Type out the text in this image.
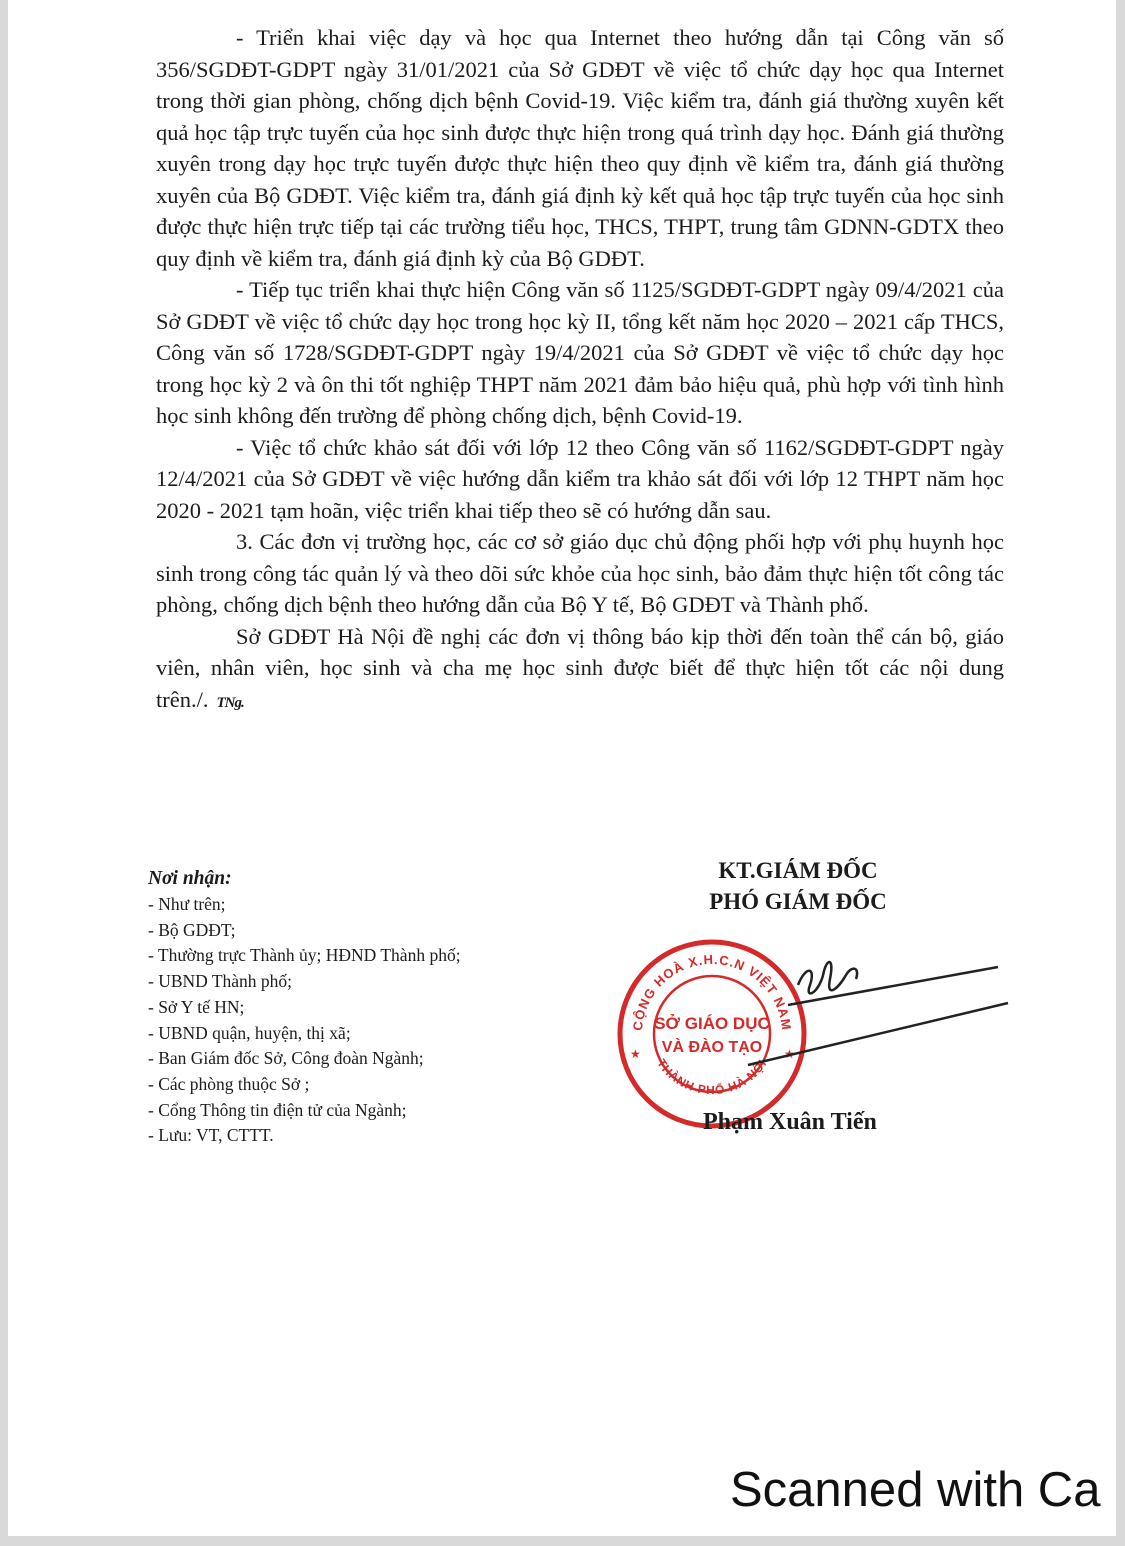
- Triển khai việc dạy và học qua Internet theo hướng dẫn tại Công văn số 356/SGDĐT-GDPT ngày 31/01/2021 của Sở GDĐT về việc tổ chức dạy học qua Internet trong thời gian phòng, chống dịch bệnh Covid-19. Việc kiểm tra, đánh giá thường xuyên kết quả học tập trực tuyến của học sinh được thực hiện trong quá trình dạy học. Đánh giá thường xuyên trong dạy học trực tuyến được thực hiện theo quy định về kiểm tra, đánh giá thường xuyên của Bộ GDĐT. Việc kiểm tra, đánh giá định kỳ kết quả học tập trực tuyến của học sinh được thực hiện trực tiếp tại các trường tiểu học, THCS, THPT, trung tâm GDNN-GDTX theo quy định về kiểm tra, đánh giá định kỳ của Bộ GDĐT.

- Tiếp tục triển khai thực hiện Công văn số 1125/SGDĐT-GDPT ngày 09/4/2021 của Sở GDĐT về việc tổ chức dạy học trong học kỳ II, tổng kết năm học 2020 – 2021 cấp THCS, Công văn số 1728/SGDĐT-GDPT ngày 19/4/2021 của Sở GDĐT về việc tổ chức dạy học trong học kỳ 2 và ôn thi tốt nghiệp THPT năm 2021 đảm bảo hiệu quả, phù hợp với tình hình học sinh không đến trường để phòng chống dịch, bệnh Covid-19.

- Việc tổ chức khảo sát đối với lớp 12 theo Công văn số 1162/SGDĐT-GDPT ngày 12/4/2021 của Sở GDĐT về việc hướng dẫn kiểm tra khảo sát đối với lớp 12 THPT năm học 2020 - 2021 tạm hoãn, việc triển khai tiếp theo sẽ có hướng dẫn sau.

3. Các đơn vị trường học, các cơ sở giáo dục chủ động phối hợp với phụ huynh học sinh trong công tác quản lý và theo dõi sức khỏe của học sinh, bảo đảm thực hiện tốt công tác phòng, chống dịch bệnh theo hướng dẫn của Bộ Y tế, Bộ GDĐT và Thành phố.

Sở GDĐT Hà Nội đề nghị các đơn vị thông báo kịp thời đến toàn thể cán bộ, giáo viên, nhân viên, học sinh và cha mẹ học sinh được biết để thực hiện tốt các nội dung trên./. TNg.

Nơi nhận:
- Như trên;
- Bộ GDĐT;
- Thường trực Thành ủy; HĐND Thành phố;
- UBND Thành phố;
- Sở Y tế HN;
- UBND quận, huyện, thị xã;
- Ban Giám đốc Sở, Công đoàn Ngành;
- Các phòng thuộc Sở ;
- Cổng Thông tin điện tử của Ngành;
- Lưu: VT, CTTT.
KT.GIÁM ĐỐC
PHÓ GIÁM ĐỐC
CỘNG HOÀ X.H.C.N VIỆT NAM
THÀNH PHỐ HÀ NỘI
★	★
SỞ GIÁO DỤC
VÀ ĐÀO TẠO
Phạm Xuân Tiến
Scanned with Ca
